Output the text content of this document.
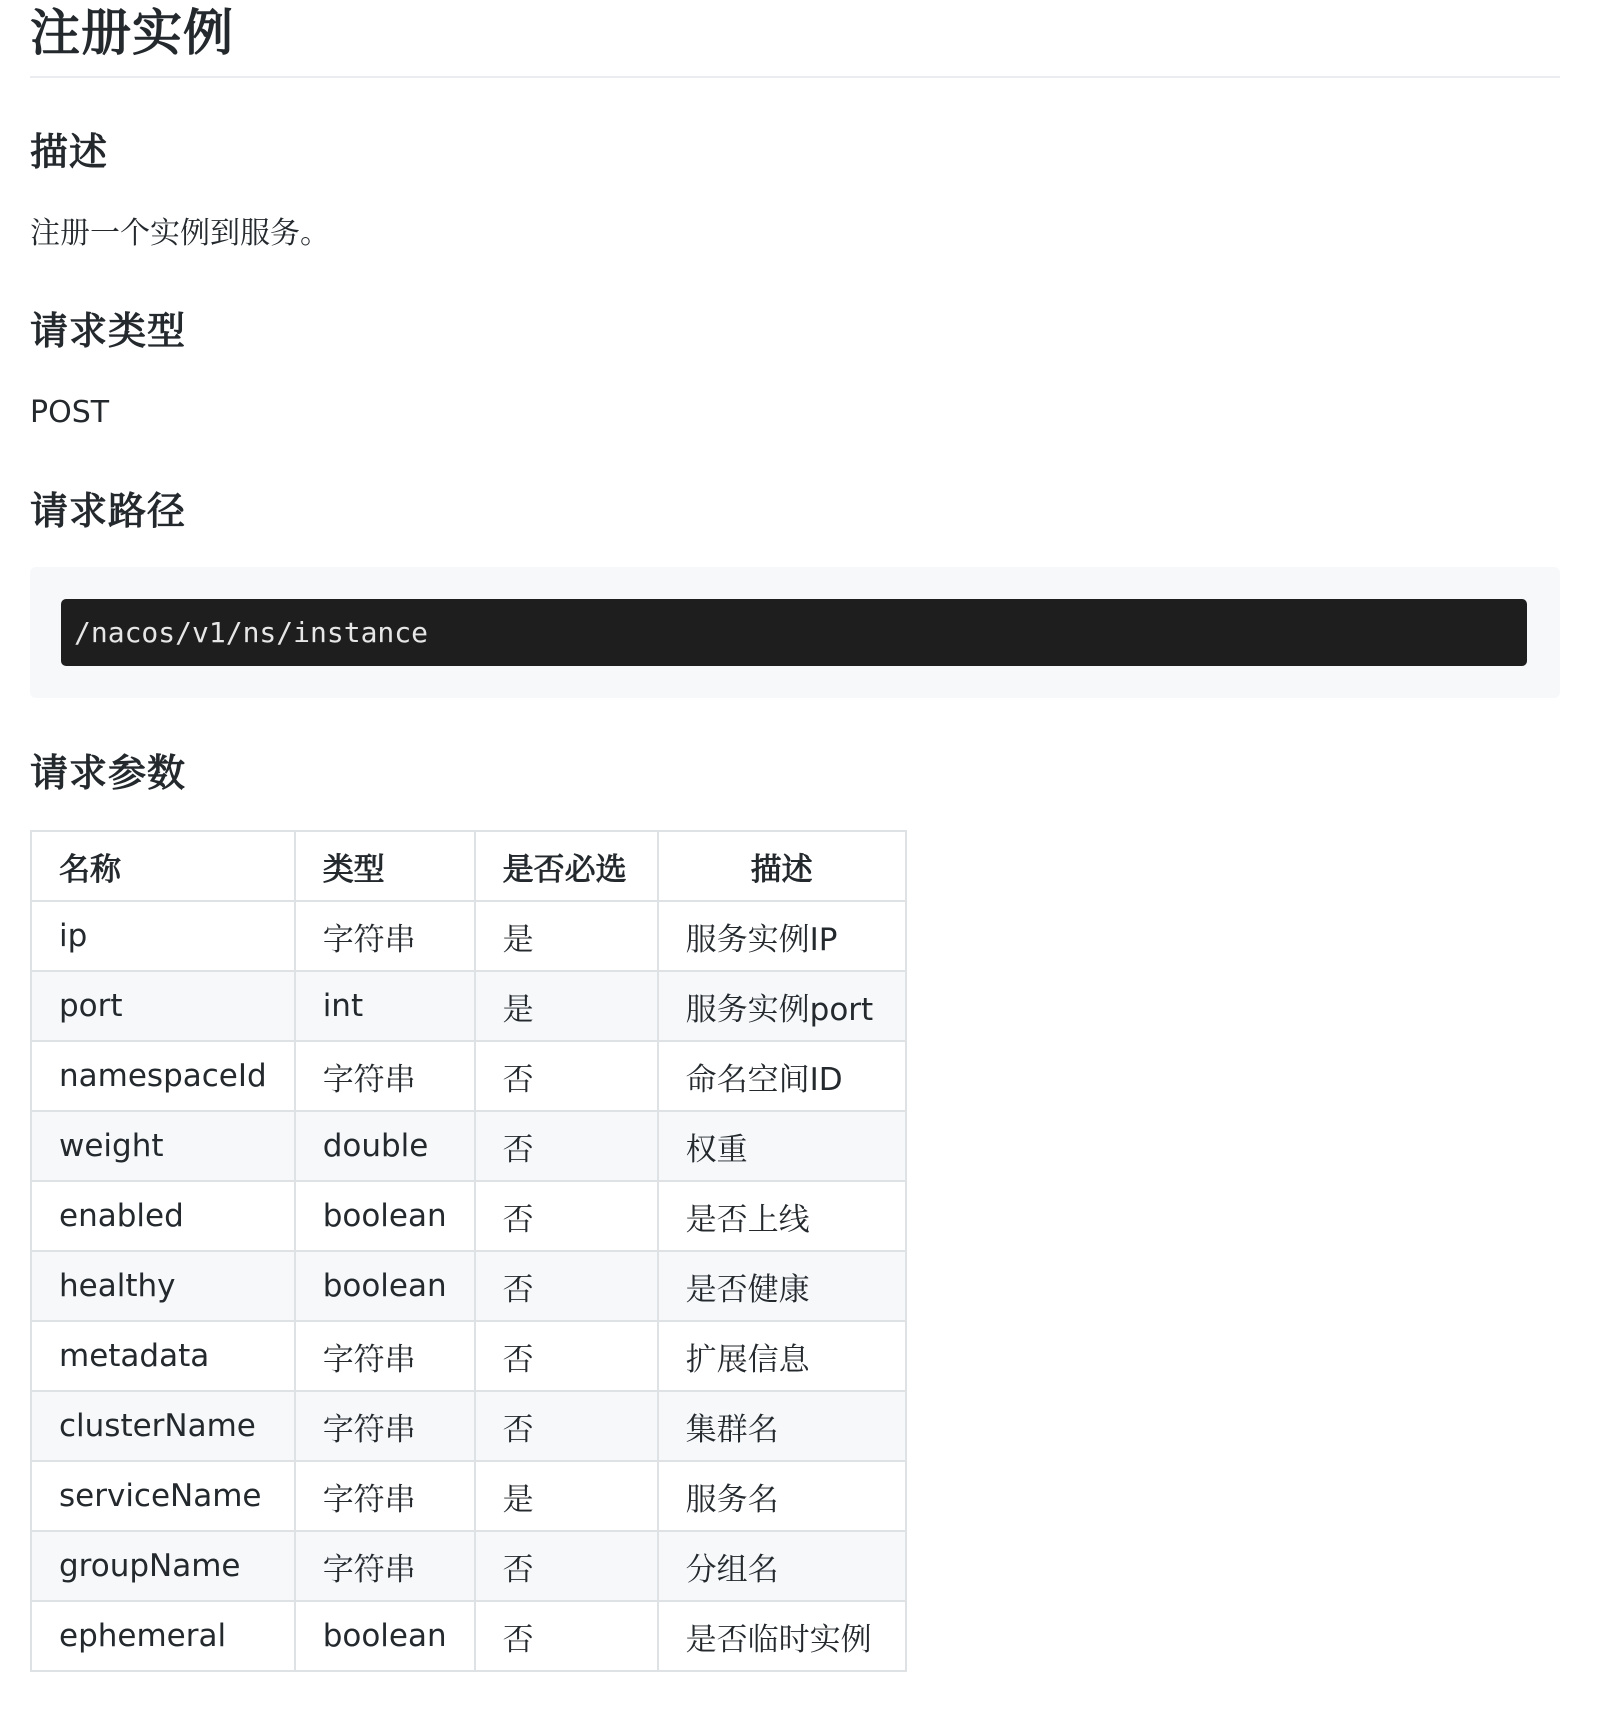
注册实例
描述

注册一个实例到服务。

请求类型

POST

请求路径
/nacos/v1/ns/instance
请求参数
名称	类型	是否必选	描述
ip	字符串	是	服务实例IP
port	int	是	服务实例port
namespaceId	字符串	否	命名空间ID
weight	double	否	权重
enabled	boolean	否	是否上线
healthy	boolean	否	是否健康
metadata	字符串	否	扩展信息
clusterName	字符串	否	集群名
serviceName	字符串	是	服务名
groupName	字符串	否	分组名
ephemeral	boolean	否	是否临时实例
